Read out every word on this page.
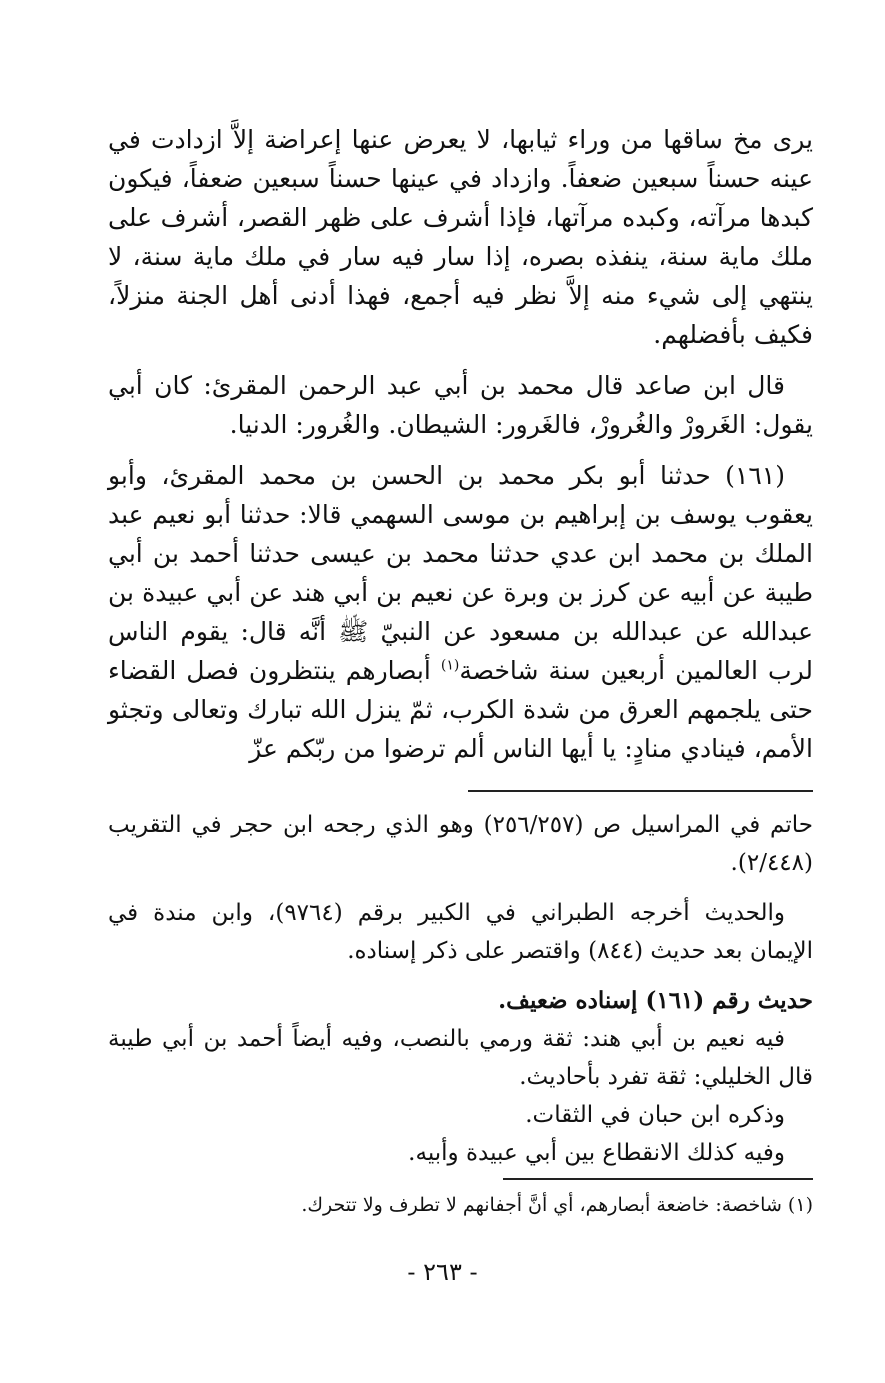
يرى مخ ساقها من وراء ثيابها، لا يعرض عنها إعراضة إلاَّ ازدادت في عينه حسناً سبعين ضعفاً. وازداد في عينها حسناً سبعين ضعفاً، فيكون كبدها مرآته، وكبده مرآتها، فإذا أشرف على ظهر القصر، أشرف على ملك ماية سنة، ينفذه بصره، إذا سار فيه سار في ملك ماية سنة، لا ينتهي إلى شيء منه إلاَّ نظر فيه أجمع، فهذا أدنى أهل الجنة منزلاً، فكيف بأفضلهم.

قال ابن صاعد قال محمد بن أبي عبد الرحمن المقرئ: كان أبي يقول: الغَرورْ والغُرورْ، فالغَرور: الشيطان. والغُرور: الدنيا.

(١٦١) حدثنا أبو بكر محمد بن الحسن بن محمد المقرئ، وأبو يعقوب يوسف بن إبراهيم بن موسى السهمي قالا: حدثنا أبو نعيم عبد الملك بن محمد ابن عدي حدثنا محمد بن عيسى حدثنا أحمد بن أبي طيبة عن أبيه عن كرز بن وبرة عن نعيم بن أبي هند عن أبي عبيدة بن عبدالله عن عبدالله بن مسعود عن النبيّ ﷺ أنَّه قال: يقوم الناس لرب العالمين أربعين سنة شاخصة$^{(١)}$ أبصارهم ينتظرون فصل القضاء حتى يلجمهم العرق من شدة الكرب، ثمّ ينزل الله تبارك وتعالى وتجثو الأمم، فينادي منادٍ: يا أيها الناس ألم ترضوا من ربّكم عزّ

حاتم في المراسيل ص (٢٥٦/٢٥٧) وهو الذي رجحه ابن حجر في التقريب (٢/٤٤٨).

والحديث أخرجه الطبراني في الكبير برقم (٩٧٦٤)، وابن مندة في الإيمان بعد حديث (٨٤٤) واقتصر على ذكر إسناده.

حديث رقم (١٦١) إسناده ضعيف.

فيه نعيم بن أبي هند: ثقة ورمي بالنصب، وفيه أيضاً أحمد بن أبي طيبة قال الخليلي: ثقة تفرد بأحاديث.

وذكره ابن حبان في الثقات.

وفيه كذلك الانقطاع بين أبي عبيدة وأبيه.

(١) شاخصة: خاضعة أبصارهم، أي أنَّ أجفانهم لا تطرف ولا تتحرك.

- ٢٦٣ -
